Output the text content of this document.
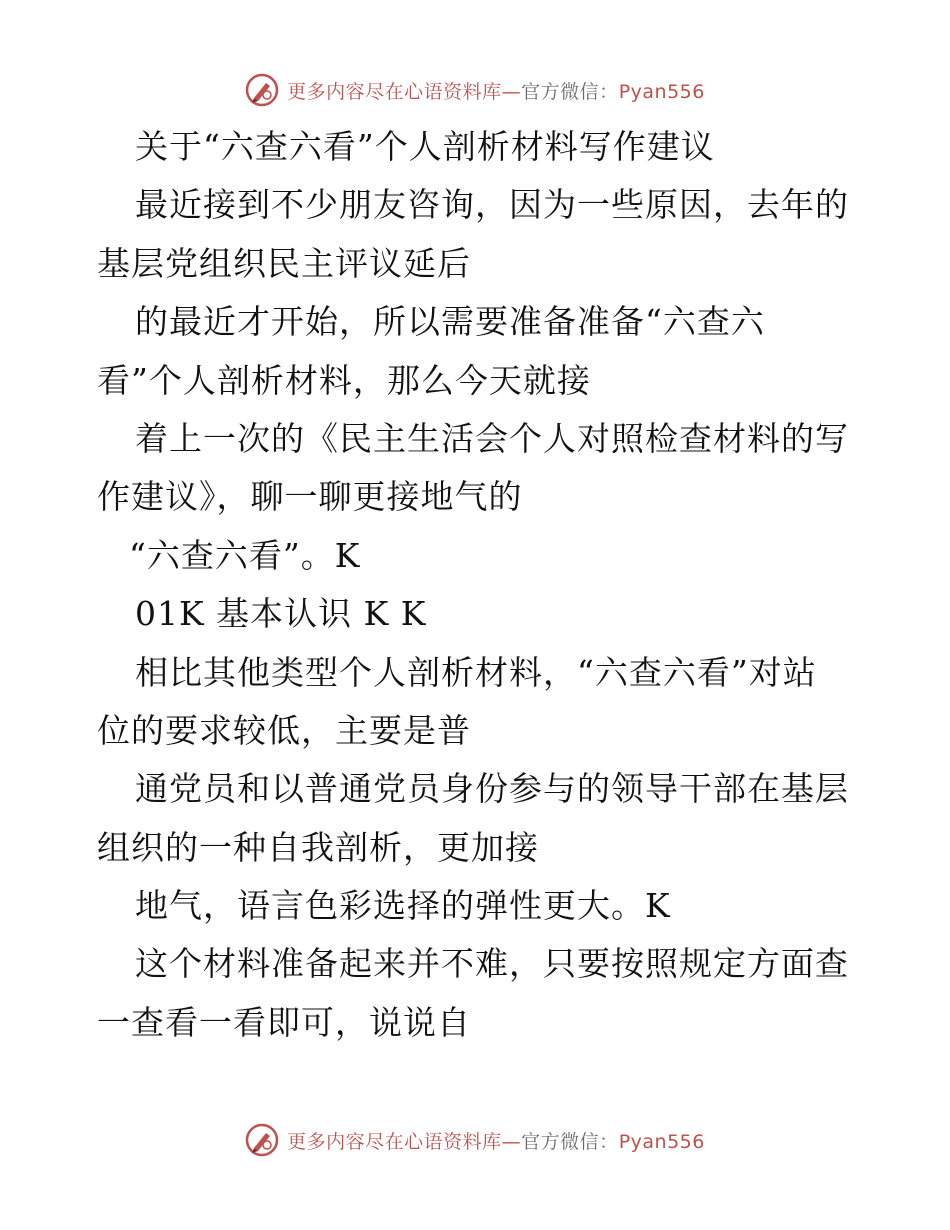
更多内容尽在心语资料库—官方微信：Pyan556
关于“六查六看”个人剖析材料写作建议
最近接到不少朋友咨询，因为一些原因，去年的
基层党组织民主评议延后
的最近才开始，所以需要准备准备“六查六
看”个人剖析材料，那么今天就接
着上一次的《民主生活会个人对照检查材料的写
作建议》，聊一聊更接地气的
“六查六看”。K
01K 基本认识 K K
相比其他类型个人剖析材料，“六查六看”对站
位的要求较低，主要是普
通党员和以普通党员身份参与的领导干部在基层
组织的一种自我剖析，更加接
地气，语言色彩选择的弹性更大。K
这个材料准备起来并不难，只要按照规定方面查
一查看一看即可，说说自
更多内容尽在心语资料库—官方微信：Pyan556
